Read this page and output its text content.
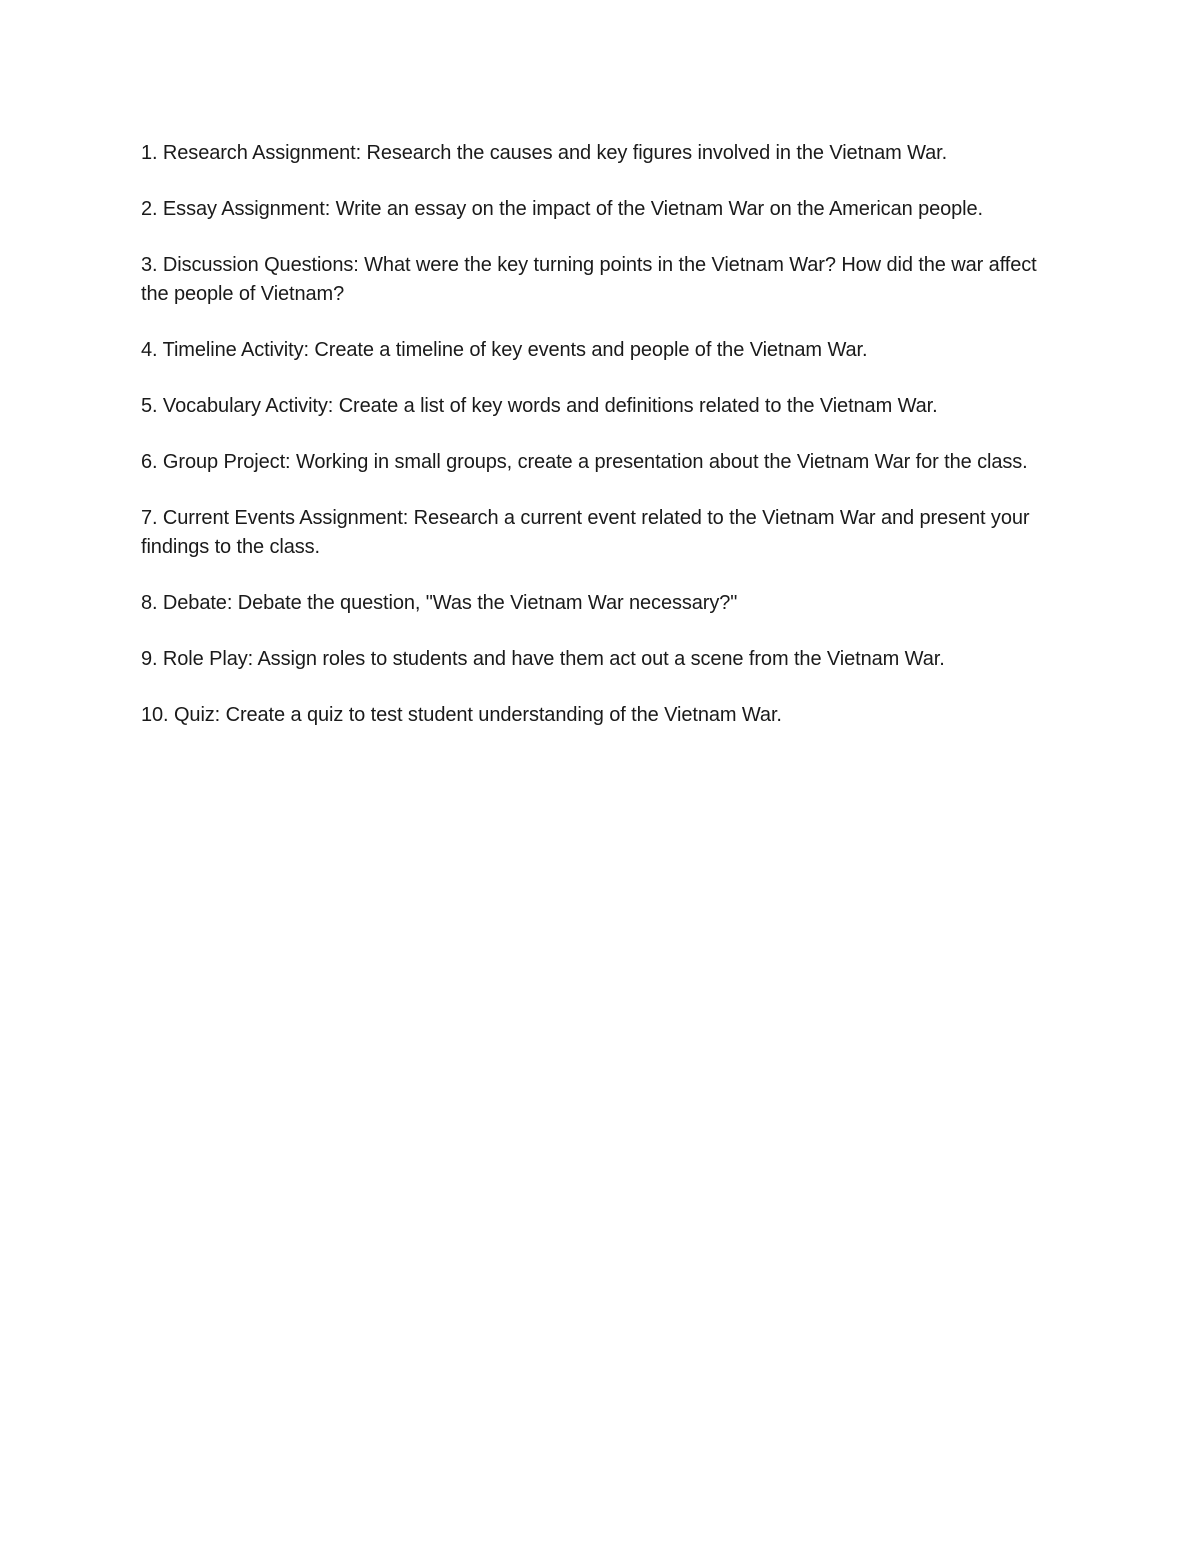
1. Research Assignment: Research the causes and key figures involved in the Vietnam War.

2. Essay Assignment: Write an essay on the impact of the Vietnam War on the American people.

3. Discussion Questions: What were the key turning points in the Vietnam War? How did the war affect the people of Vietnam?

4. Timeline Activity: Create a timeline of key events and people of the Vietnam War.

5. Vocabulary Activity: Create a list of key words and definitions related to the Vietnam War.

6. Group Project: Working in small groups, create a presentation about the Vietnam War for the class.

7. Current Events Assignment: Research a current event related to the Vietnam War and present your findings to the class.

8. Debate: Debate the question, "Was the Vietnam War necessary?"

9. Role Play: Assign roles to students and have them act out a scene from the Vietnam War.

10. Quiz: Create a quiz to test student understanding of the Vietnam War.
